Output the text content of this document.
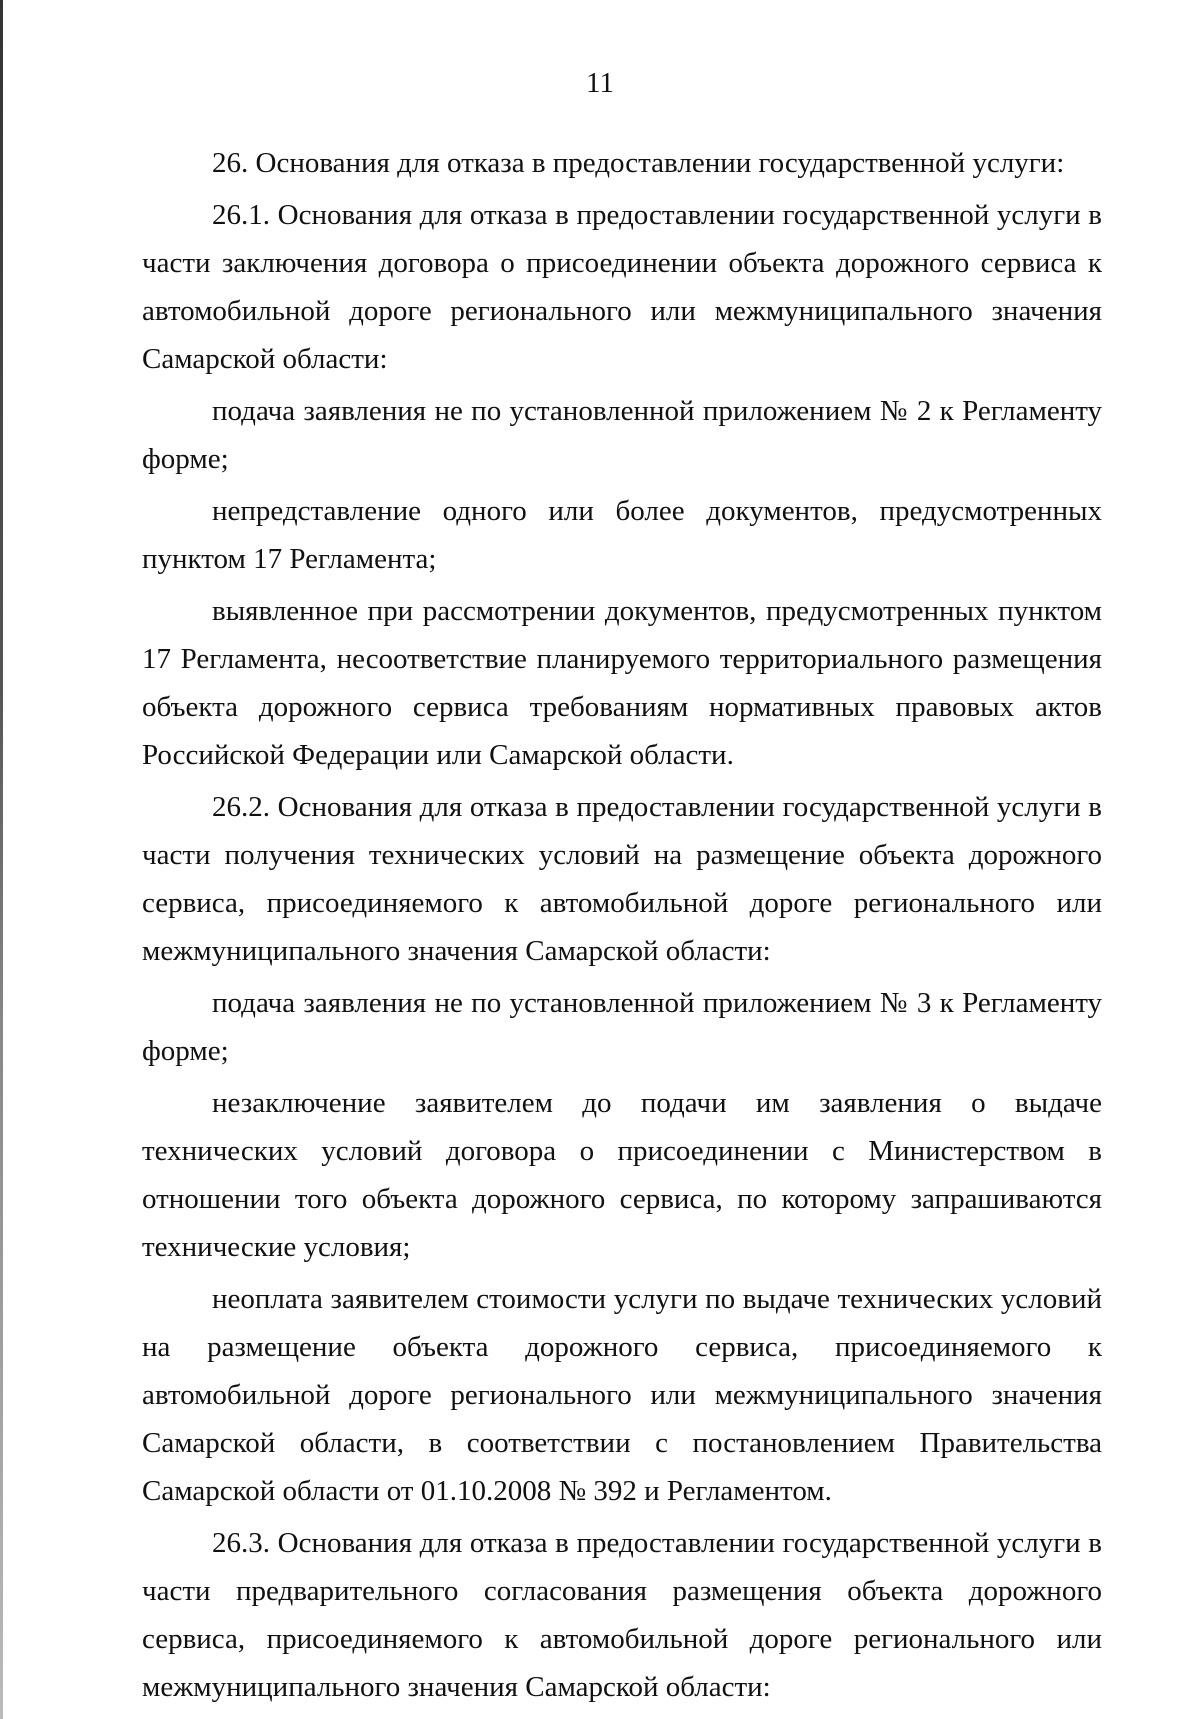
11

26. Основания для отказа в предоставлении государственной услуги:

26.1. Основания для отказа в предоставлении государственной услуги в части заключения договора о присоединении объекта дорожного сервиса к автомобильной дороге регионального или межмуниципального значения Самарской области:

подача заявления не по установленной приложением № 2 к Регламенту форме;

непредставление одного или более документов, предусмотренных пунктом 17 Регламента;

выявленное при рассмотрении документов, предусмотренных пунктом 17 Регламента, несоответствие планируемого территориального размещения объекта дорожного сервиса требованиям нормативных правовых актов Российской Федерации или Самарской области.

26.2. Основания для отказа в предоставлении государственной услуги в части получения технических условий на размещение объекта дорожного сервиса, присоединяемого к автомобильной дороге регионального или межмуниципального значения Самарской области:

подача заявления не по установленной приложением № 3 к Регламенту форме;

незаключение заявителем до подачи им заявления о выдаче технических условий договора о присоединении с Министерством в отношении того объекта дорожного сервиса, по которому запрашиваются технические условия;

неоплата заявителем стоимости услуги по выдаче технических условий на размещение объекта дорожного сервиса, присоединяемого к автомобильной дороге регионального или межмуниципального значения Самарской области, в соответствии с постановлением Правительства Самарской области от 01.10.2008 № 392 и Регламентом.

26.3. Основания для отказа в предоставлении государственной услуги в части предварительного согласования размещения объекта дорожного сервиса, присоединяемого к автомобильной дороге регионального или межмуниципального значения Самарской области:
